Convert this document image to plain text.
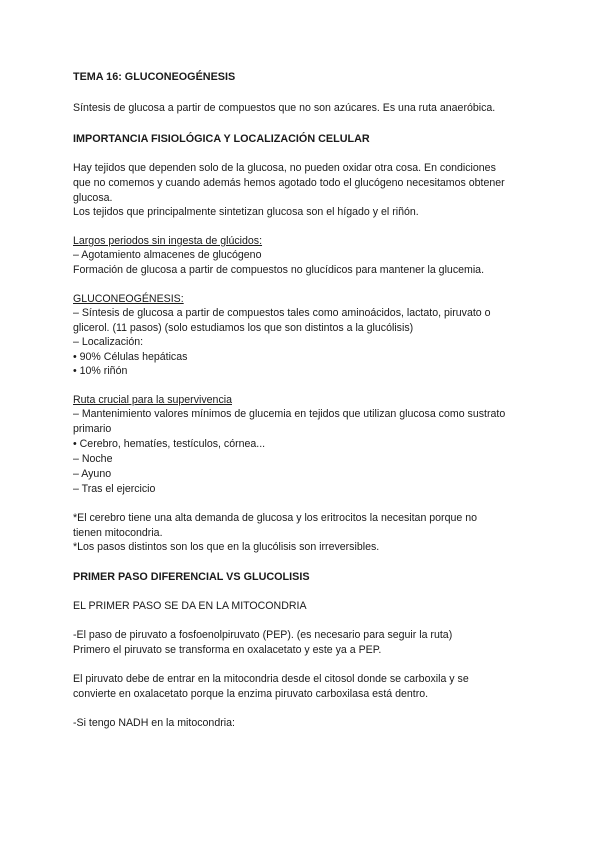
TEMA 16: GLUCONEOGÉNESIS

Síntesis de glucosa a partir de compuestos que no son azúcares. Es una ruta anaeróbica.

IMPORTANCIA FISIOLÓGICA Y LOCALIZACIÓN CELULAR

Hay tejidos que dependen solo de la glucosa, no pueden oxidar otra cosa. En condiciones

que no comemos y cuando además hemos agotado todo el glucógeno necesitamos obtener

glucosa.

Los tejidos que principalmente sintetizan glucosa son el hígado y el riñón.

Largos periodos sin ingesta de glúcidos:

– Agotamiento almacenes de glucógeno

Formación de glucosa a partir de compuestos no glucídicos para mantener la glucemia.

GLUCONEOGÉNESIS:

– Síntesis de glucosa a partir de compuestos tales como aminoácidos, lactato, piruvato o

glicerol. (11 pasos) (solo estudiamos los que son distintos a la glucólisis)

– Localización:

• 90% Células hepáticas

• 10% riñón

Ruta crucial para la supervivencia

– Mantenimiento valores mínimos de glucemia en tejidos que utilizan glucosa como sustrato

primario

• Cerebro, hematíes, testículos, córnea...

– Noche

– Ayuno

– Tras el ejercicio

*El cerebro tiene una alta demanda de glucosa y los eritrocitos la necesitan porque no

tienen mitocondria.

*Los pasos distintos son los que en la glucólisis son irreversibles.

PRIMER PASO DIFERENCIAL VS GLUCOLISIS

EL PRIMER PASO SE DA EN LA MITOCONDRIA

-El paso de piruvato a fosfoenolpiruvato (PEP). (es necesario para seguir la ruta)

Primero el piruvato se transforma en oxalacetato y este ya a PEP.

El piruvato debe de entrar en la mitocondria desde el citosol donde se carboxila y se

convierte en oxalacetato porque la enzima piruvato carboxilasa está dentro.

-Si tengo NADH en la mitocondria:
